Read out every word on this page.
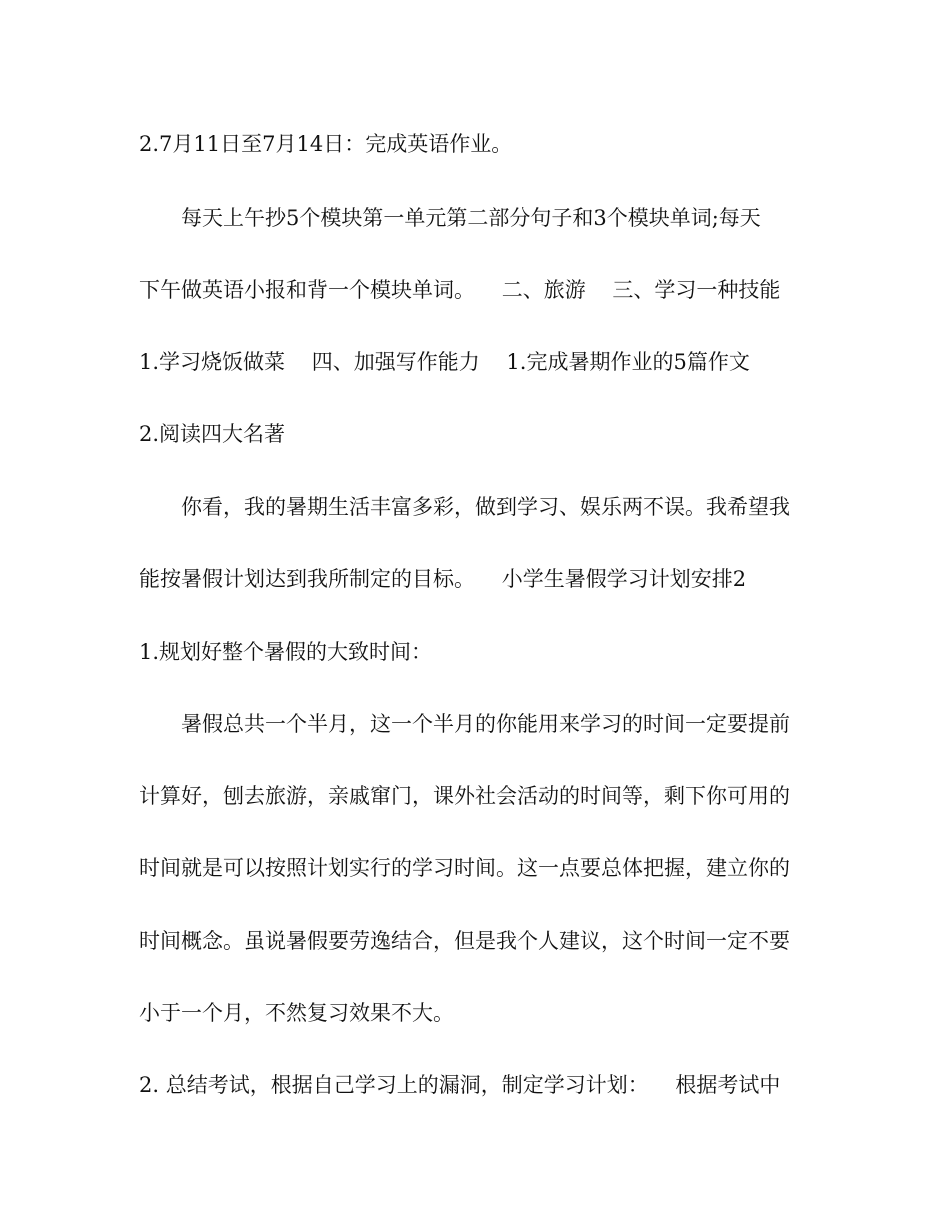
2.7月11日至7月14日：完成英语作业。
每天上午抄5个模块第一单元第二部分句子和3个模块单词;每天
下午做英语小报和背一个模块单词。    二、旅游    三、学习一种技能
1.学习烧饭做菜    四、加强写作能力    1.完成暑期作业的5篇作文
2.阅读四大名著
你看，我的暑期生活丰富多彩，做到学习、娱乐两不误。我希望我
能按暑假计划达到我所制定的目标。    小学生暑假学习计划安排2
1.规划好整个暑假的大致时间：
暑假总共一个半月，这一个半月的你能用来学习的时间一定要提前
计算好，刨去旅游，亲戚窜门，课外社会活动的时间等，剩下你可用的
时间就是可以按照计划实行的学习时间。这一点要总体把握，建立你的
时间概念。虽说暑假要劳逸结合，但是我个人建议，这个时间一定不要
小于一个月，不然复习效果不大。
2. 总结考试，根据自己学习上的漏洞，制定学习计划：    根据考试中
